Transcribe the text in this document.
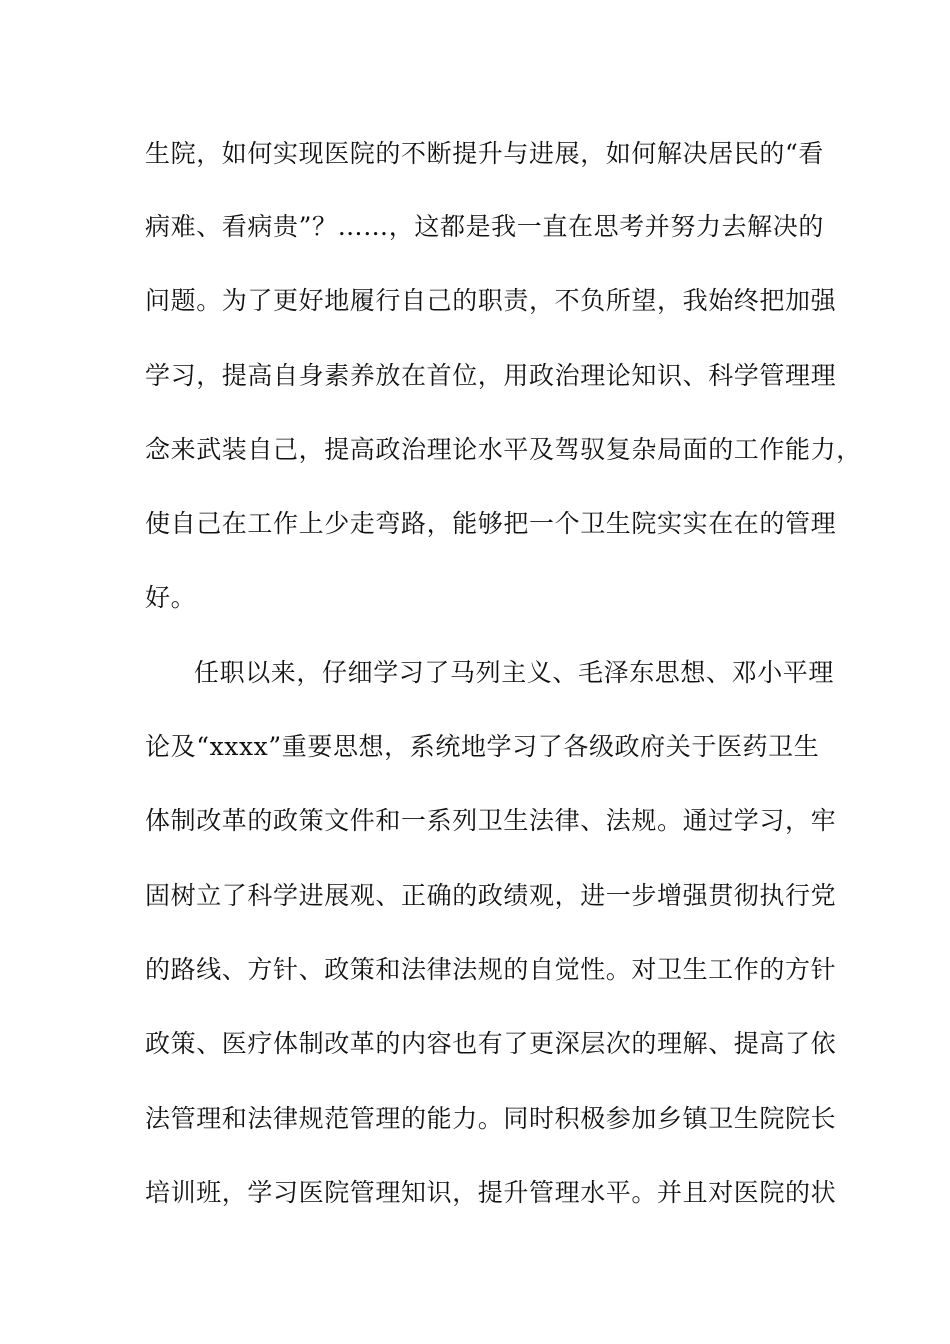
生院，如何实现医院的不断提升与进展，如何解决居民的“看
病难、看病贵”？……，这都是我一直在思考并努力去解决的
问题。为了更好地履行自己的职责，不负所望，我始终把加强
学习，提高自身素养放在首位，用政治理论知识、科学管理理
念来武装自己，提高政治理论水平及驾驭复杂局面的工作能力，
使自己在工作上少走弯路，能够把一个卫生院实实在在的管理
好。
任职以来，仔细学习了马列主义、毛泽东思想、邓小平理
论及“xxxx”重要思想，系统地学习了各级政府关于医药卫生
体制改革的政策文件和一系列卫生法律、法规。通过学习，牢
固树立了科学进展观、正确的政绩观，进一步增强贯彻执行党
的路线、方针、政策和法律法规的自觉性。对卫生工作的方针
政策、医疗体制改革的内容也有了更深层次的理解、提高了依
法管理和法律规范管理的能力。同时积极参加乡镇卫生院院长
培训班，学习医院管理知识，提升管理水平。并且对医院的状
